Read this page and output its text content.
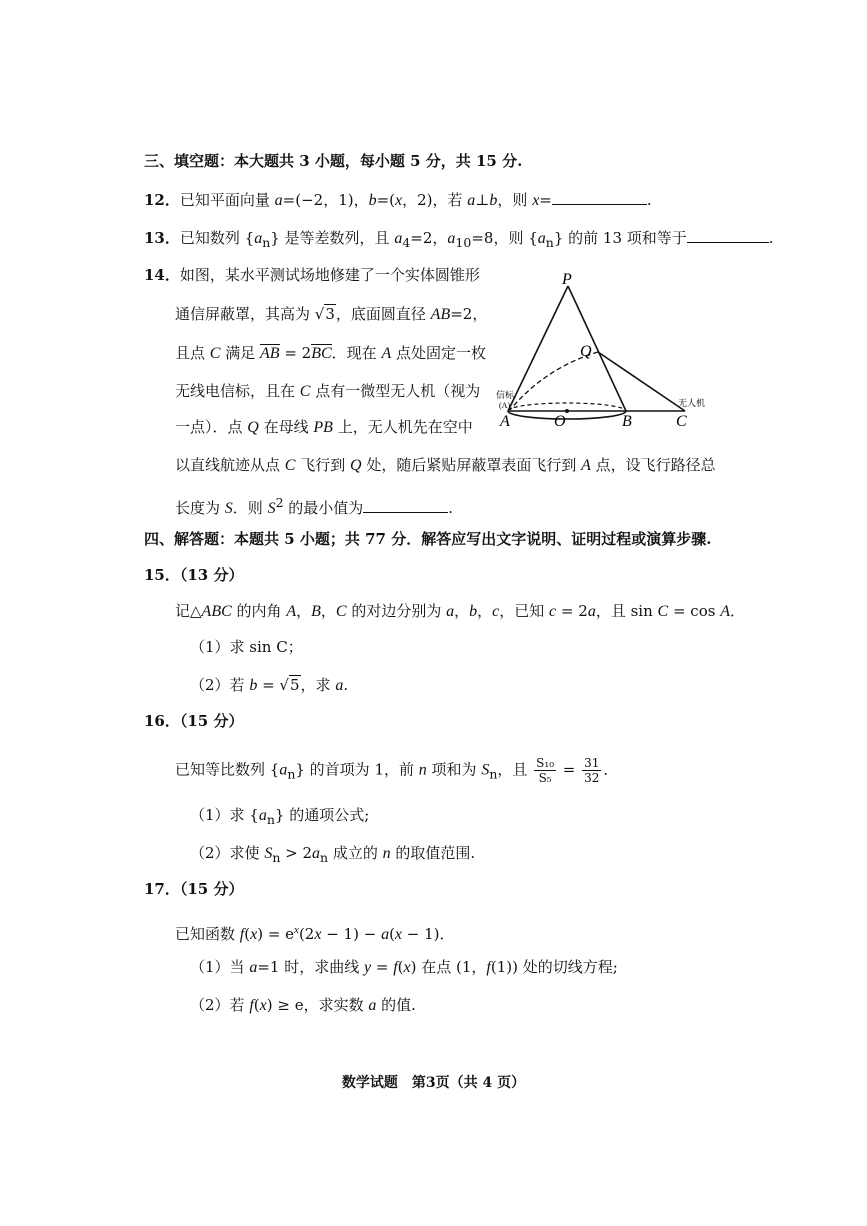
三、填空题：本大题共 3 小题，每小题 5 分，共 15 分.
12．已知平面向量 a=(−2，1)，b=(x，2)，若 a⊥b，则 x=	.
13．已知数列 $\{a_n\}$ 是等差数列，且 $a_4=2$，$a_{10}=8$，则 $\{a_n\}$ 的前 13 项和等于	.
14．如图，某水平测试场地修建了一个实体圆锥形
通信屏蔽罩，其高为 √3，底面圆直径 AB=2，
且点 C 满足 AB = 2BC．现在 A 点处固定一枚
无线电信标，且在 C 点有一微型无人机（视为
一点）．点 Q 在母线 PB 上，无人机先在空中
以直线航迹从点 C 飞行到 Q 处，随后紧贴屏蔽罩表面飞行到 A 点，设飞行路径总
长度为 S．则 $S^2$ 的最小值为	.
P
Q
O
A	B	C
信标
(A)	无人机
四、解答题：本题共 5 小题；共 77 分．解答应写出文字说明、证明过程或演算步骤.
15．（13 分）
记△ABC 的内角 A，B，C 的对边分别为 a，b，c，已知 c = 2a，且 sin C = cos A．
（1）求 sin C；
（2）若 b = √5，求 a.
16．（15 分）
已知等比数列 $\{a_n\}$ 的首项为 1，前 n 项和为 $S_n$，且 $\frac{\text{S₁₀}}{\text{S₅}} = \frac{31}{32}$ ．
（1）求 $\{a_n\}$ 的通项公式;
（2）求使 $S_n > 2a_n$ 成立的 n 的取值范围.
17．（15 分）
已知函数 $f(x) = e^x(2x - 1) - a(x - 1)$．
（1）当 a=1 时，求曲线 y = f(x) 在点 (1，f(1)) 处的切线方程;
（2）若 f(x) ≥ e，求实数 a 的值.
数学试题　第3页（共 4 页）
